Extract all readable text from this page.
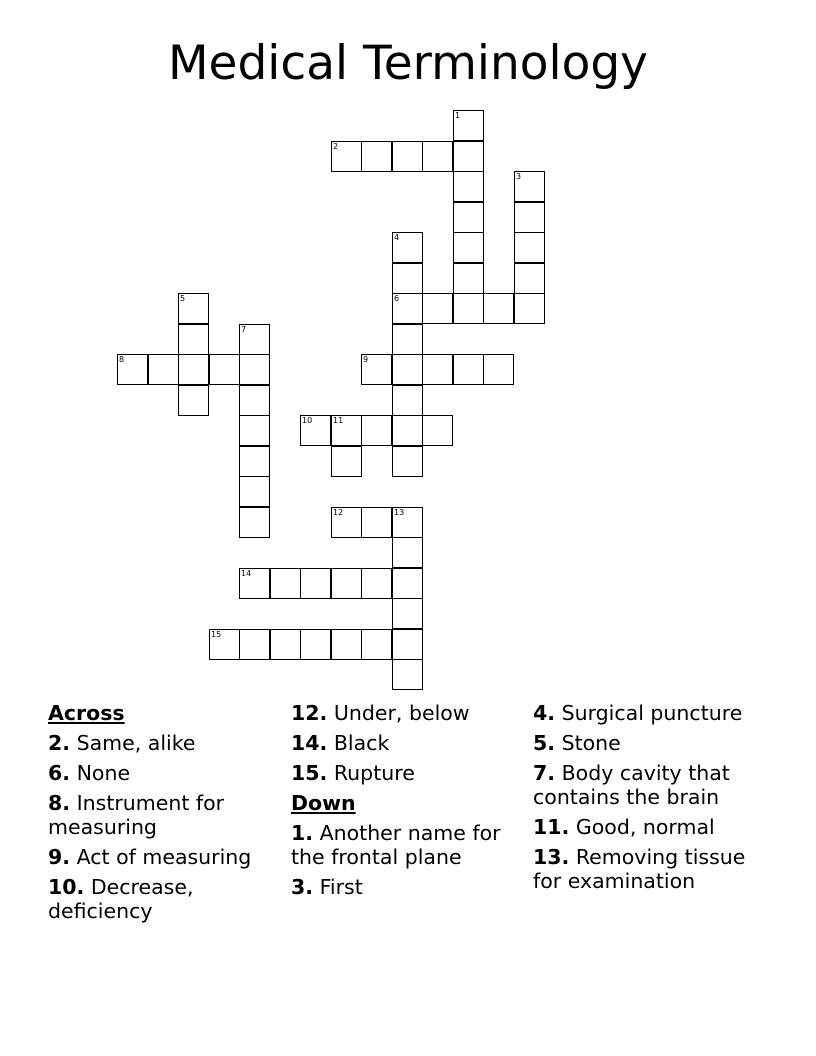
Medical Terminology
1
2
3
4
5	6
7
8	9
10	11
12	13
14
15
Across
2. Same, alike
6. None
8. Instrument for measuring
9. Act of measuring
10. Decrease, deficiency
12. Under, below
14. Black
15. Rupture
Down
1. Another name for the frontal plane
3. First
4. Surgical puncture
5. Stone
7. Body cavity that contains the brain
11. Good, normal
13. Removing tissue for examination
